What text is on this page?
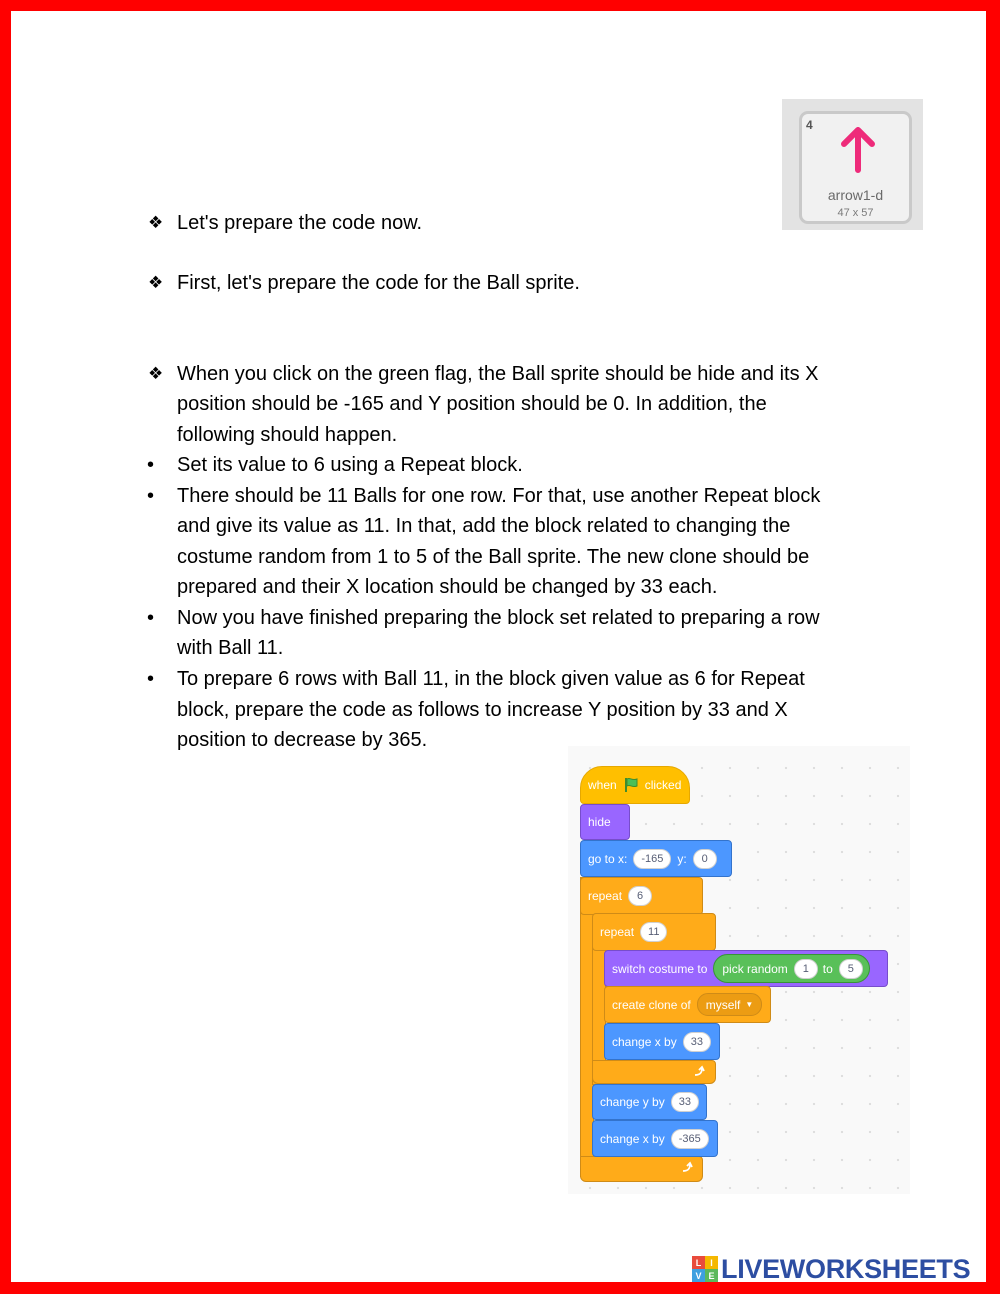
4
arrow1-d
47 x 57
❖ Let's prepare the code now.
❖ First, let's prepare the code for the Ball sprite.
❖ When you click on the green flag, the Ball sprite should be hide and its X
position should be -165 and Y position should be 0. In addition, the
following should happen.
• Set its value to 6 using a Repeat block.
• There should be 11 Balls for one row. For that, use another Repeat block
and give its value as 11. In that, add the block related to changing the
costume random from 1 to 5 of the Ball sprite. The new clone should be
prepared and their X location should be changed by 33 each.
• Now you have finished preparing the block set related to preparing a row
with Ball 11.
• To prepare 6 rows with Ball 11, in the block given value as 6 for Repeat
block, prepare the code as follows to increase Y position by 33 and X
position to decrease by 365.
when clicked
hide
go to x:	-165	y:	0
repeat	6
repeat	11
switch costume to pick random	1	to	5
create clone of myself ▼
change x by	33
change y by	33
change x by	-365
L I
V E LIVEWORKSHEETS
